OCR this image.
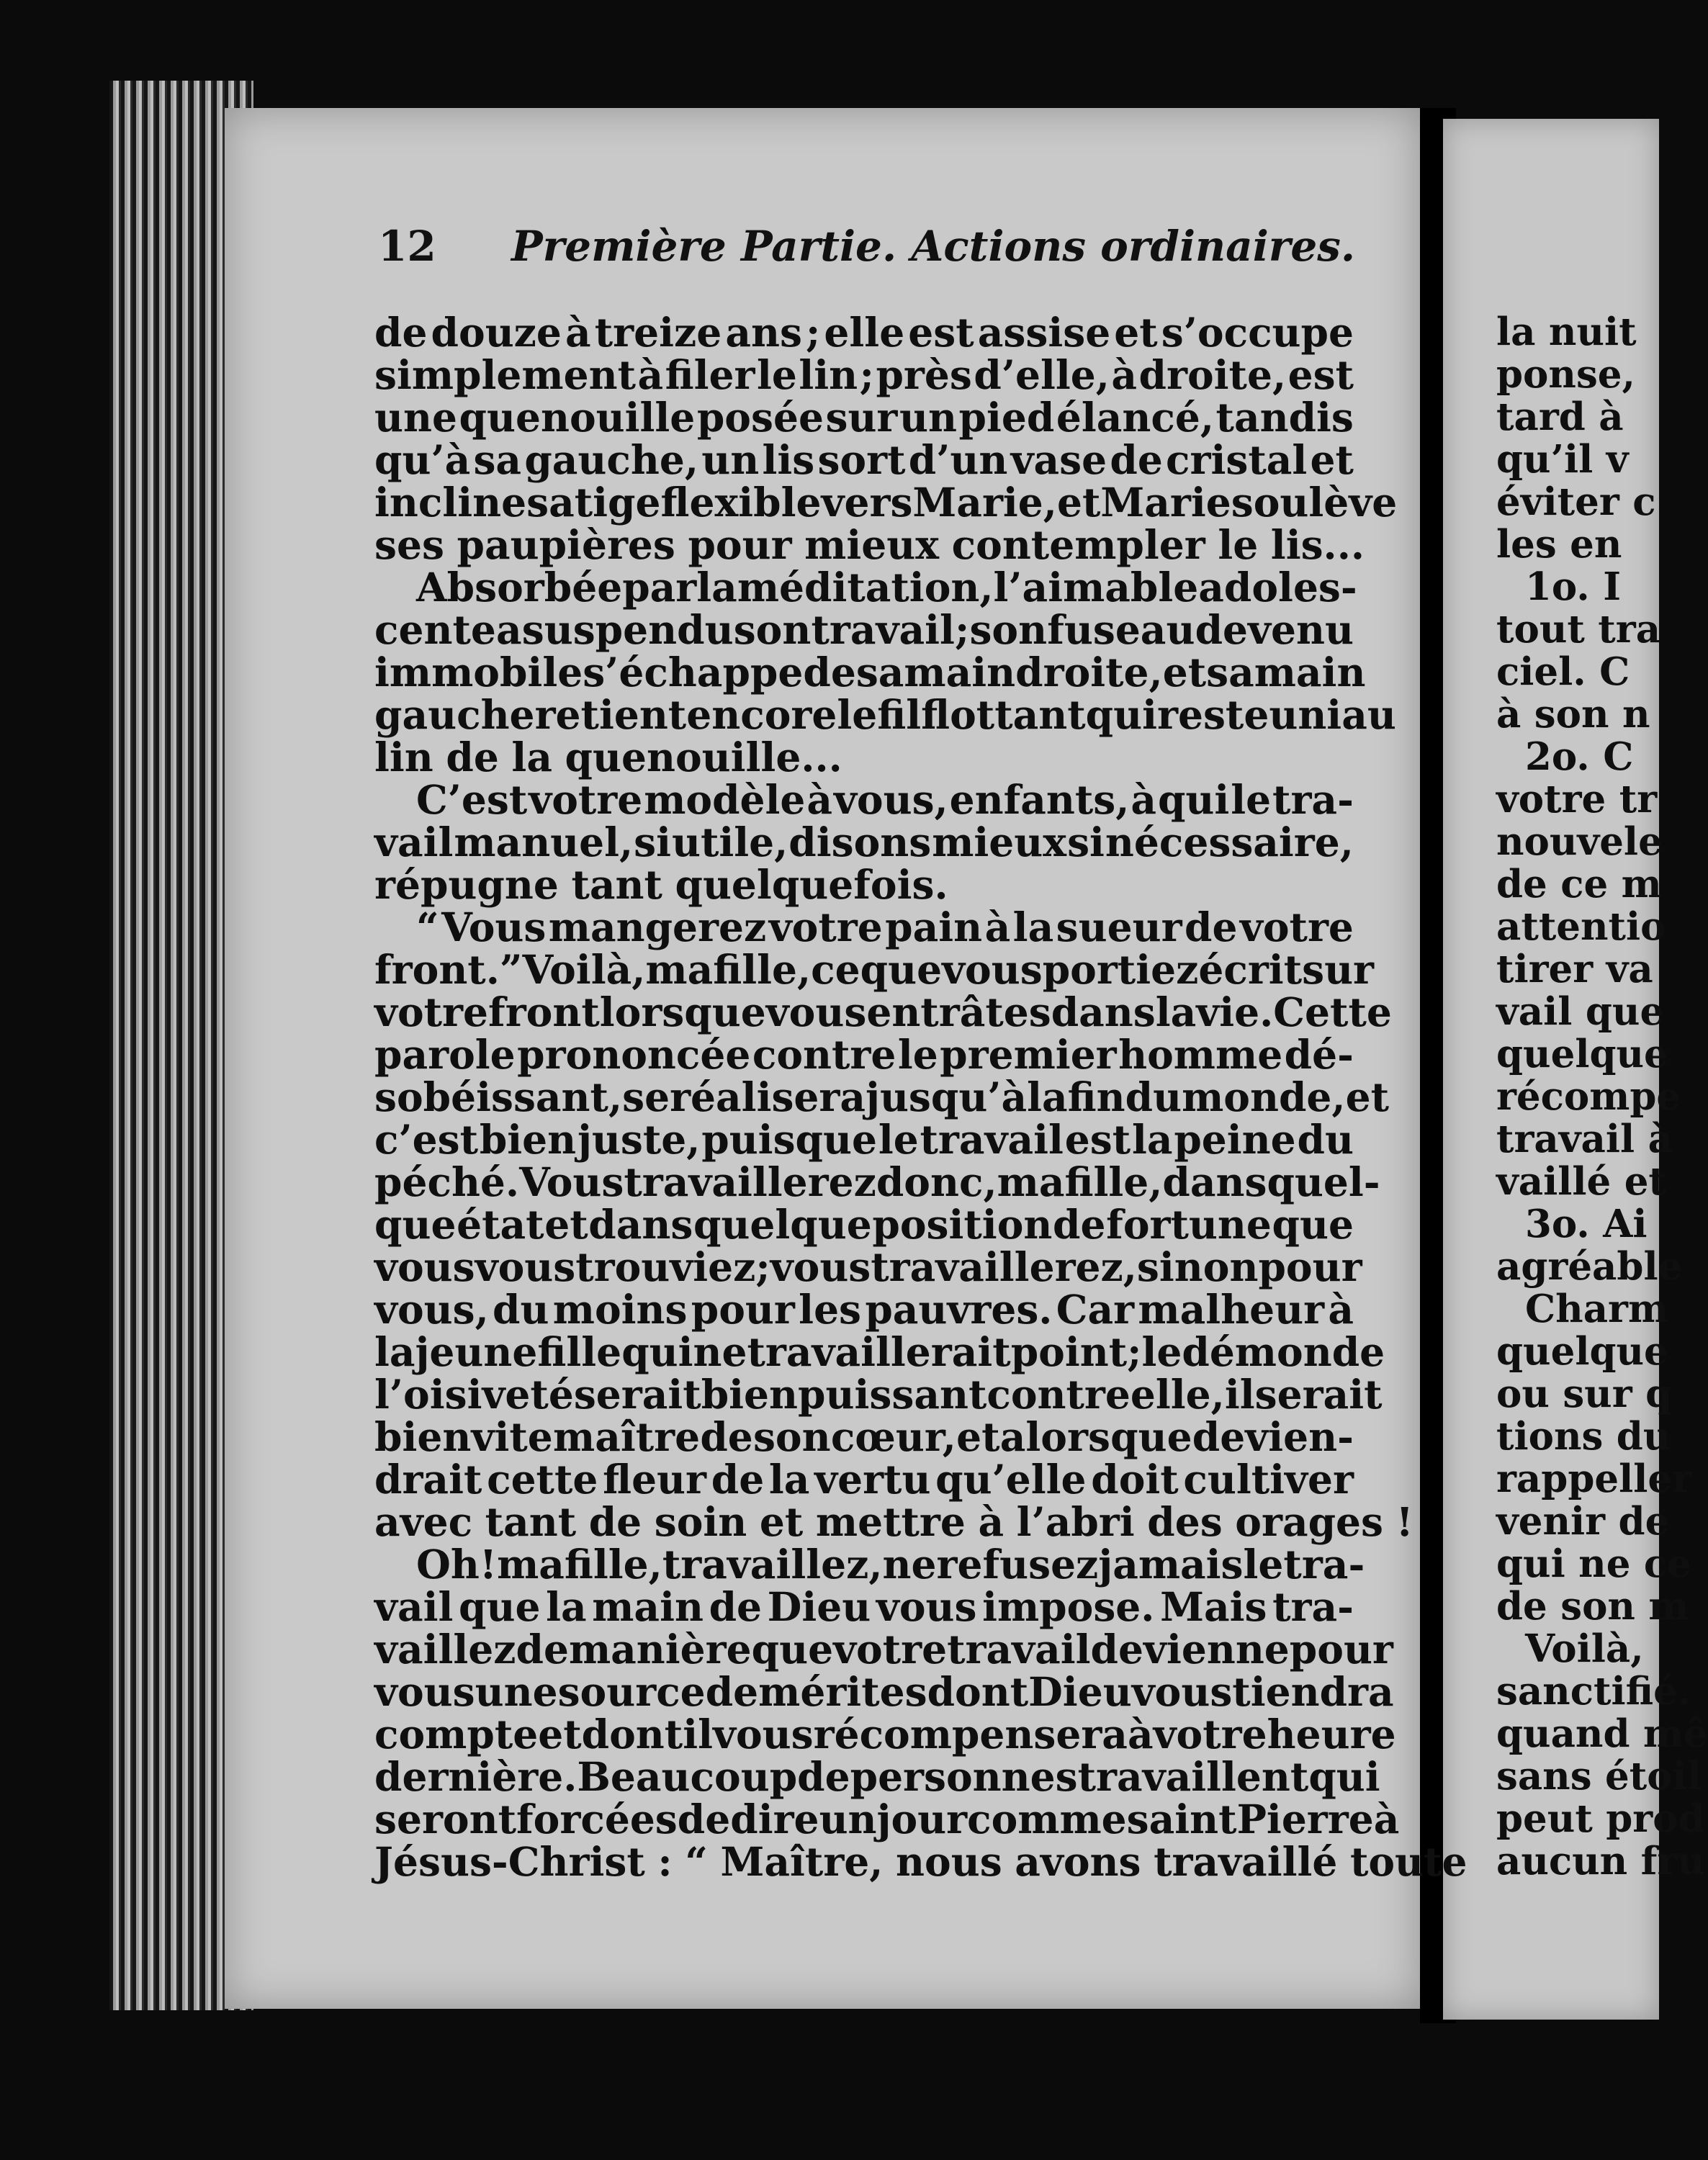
12 Première Partie. Actions ordinaires.
de douze à treize ans ; elle est assise et s’occupe
simplement à filer le lin ; près d’elle, à droite, est
une quenouille posée sur un pied élancé, tandis
qu’à sa gauche, un lis sort d’un vase de cristal et
incline sa tige flexible vers Marie, et Marie soulève
ses paupières pour mieux contempler le lis...
Absorbée par la méditation, l’aimable adoles-
cente a suspendu son travail ; son fuseau devenu
immobile s’échappe de sa main droite, et sa main
gauche retient encore le fil flottant qui reste uni au
lin de la quenouille...
C’est votre modèle à vous, enfants, à qui le tra-
vail manuel, si utile, disons mieux si nécessaire,
répugne tant quelquefois.
“ Vous mangerez votre pain à la sueur de votre
front.” Voilà, ma fille, ce que vous portiez écrit sur
votre front lorsque vous entrâtes dans la vie. Cette
parole prononcée contre le premier homme dé-
sobéissant, se réalisera jusqu’à la fin du monde, et
c’est bien juste, puisque le travail est la peine du
péché. Vous travaillerez donc, ma fille, dans quel-
que état et dans quelque position de fortune que
vous vous trouviez ; vous travaillerez, si non pour
vous, du moins pour les pauvres. Car malheur à
la jeune fille qui ne travaillerait point ; le démon de
l’oisiveté serait bien puissant contre elle, il serait
bien vite maître de son cœur, et alors que devien-
drait cette fleur de la vertu qu’elle doit cultiver
avec tant de soin et mettre à l’abri des orages !
Oh ! ma fille, travaillez, ne refusez jamais le tra-
vail que la main de Dieu vous impose. Mais tra-
vaillez de manière que votre travail devienne pour
vous une source de mérites dont Dieu vous tiendra
compte et dont il vous récompensera à votre heure
dernière. Beaucoup de personnes travaillent qui
seront forcées de dire un jour comme saint Pierre à
Jésus-Christ : “ Maître, nous avons travaillé toute
la nuit
ponse,
tard à
qu’il v
éviter c
les en
1o. I
tout tra
ciel. C
à son n
2o. C
votre tr
nouvele
de ce m
attentio
tirer va
vail que
quelque
récompe
travail à
vaillé et
3o. Ai
agréable
Charm
quelque
ou sur q
tions du
rappeller
venir de
qui ne ce
de son m
Voilà,
sanctifié.
quand mê
sans étoil
peut prod
aucun fru
